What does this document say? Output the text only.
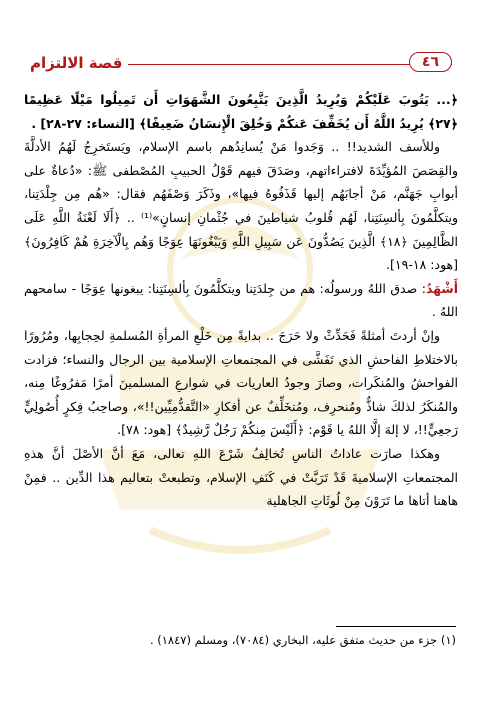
قصة الالتزام	٤٦

﴿... يَتُوبَ عَلَيْكُمْ وَيُرِيدُ الَّذِينَ يَتَّبِعُونَ الشَّهَوَاتِ أَن تَمِيلُوا مَيْلًا عَظِيمًا ﴿٢٧﴾ يُرِيدُ اللَّهُ أَن يُخَفِّفَ عَنكُمْ وَخُلِقَ الْإِنسَانُ ضَعِيفًا﴾ [النساء: ٢٧-٢٨] .

وللأسف الشديد!! .. وَجَدوا مَنْ يُسانِدُهم باسم الإسلام، ويَستَخرِجُ لَهُمُ الأدلَّةَ والقِصَصَ المُؤيِّدَةَ لافتراءاتهم، وصَدَقَ فيهم قَوْلُ الحبيبِ المُصْطفى ﷺ: «دُعاةٌ على أبوابِ جَهَنَّم، مَنْ أجابَهُم إليها قَذَفُوهُ فيها»، وذَكَرَ وَصْفَهُم فقال: «هُم مِن جِلْدَتِنا، ويتكلَّمُونَ بِألسِنَتِنا، لَهُم قُلوبُ شياطينَ في جُثْمانِ إنسانٍ»⁽¹⁾ .. ﴿أَلَا لَعْنَةُ اللَّهِ عَلَى الظَّالِمِينَ ﴿١٨﴾ الَّذِينَ يَصُدُّونَ عَن سَبِيلِ اللَّهِ وَيَبْغُونَهَا عِوَجًا وَهُم بِالْآخِرَةِ هُمْ كَافِرُونَ﴾ [هود: ١٨-١٩].

أَشْهَدُ: صدق اللهُ ورسولُه: هم من جِلدَتِنا ويتكلَّمُونَ بِألسِنَتِنا: يبغونها عِوَجًا - سامحهم اللهُ .

وإنْ أردتَ أمثلةً فَحَدِّثْ ولا حَرَجَ .. بدايةً مِن خَلْعِ المرأةِ المُسلمةِ لحِجابِها، ومُرُورًا بالاختلاطِ الفاحشِ الذي تَفَشَّى في المجتمعاتِ الإسلامية بين الرجال والنساء؛ فزادت الفواحشُ والمُنكَرات، وصارَ وجودُ العاريات في شوارعِ المسلمينَ أمرًا مَفرُوغًا مِنه، والمُنكَرُ لذلكَ شاذٌّ ومُنحرِف، ومُتخَلِّفٌ عن أفكارِ «التَّقدُّمِيِّين!!»، وصاحِبُ فِكرٍ أُصُولِيٍّ رَجعِيٍّ!!، لا إلهَ إلَّا اللهُ يا قَوْم: ﴿أَلَيْسَ مِنكُمْ رَجُلٌ رَّشِيدٌ﴾ [هود: ٧٨].

وهكذا صارَت عاداتُ الناسِ تُخالِفُ شَرْعَ اللهِ تعالى، مَعَ أنَّ الأصْلَ أنَّ هذهِ المجتمعاتِ الإسلاميةَ قَدْ تَرَبَّتْ في كَنَفِ الإسلام، وتطبعتْ بتعاليم هذا الدِّين .. فمِنْ هاهنا أتاها ما تَرَوْنَ مِنْ لُوثَاتِ الجاهلية

(١) جزء من حديث متفق عليه، البخاري (٧٠٨٤)، ومسلم (١٨٤٧) .
